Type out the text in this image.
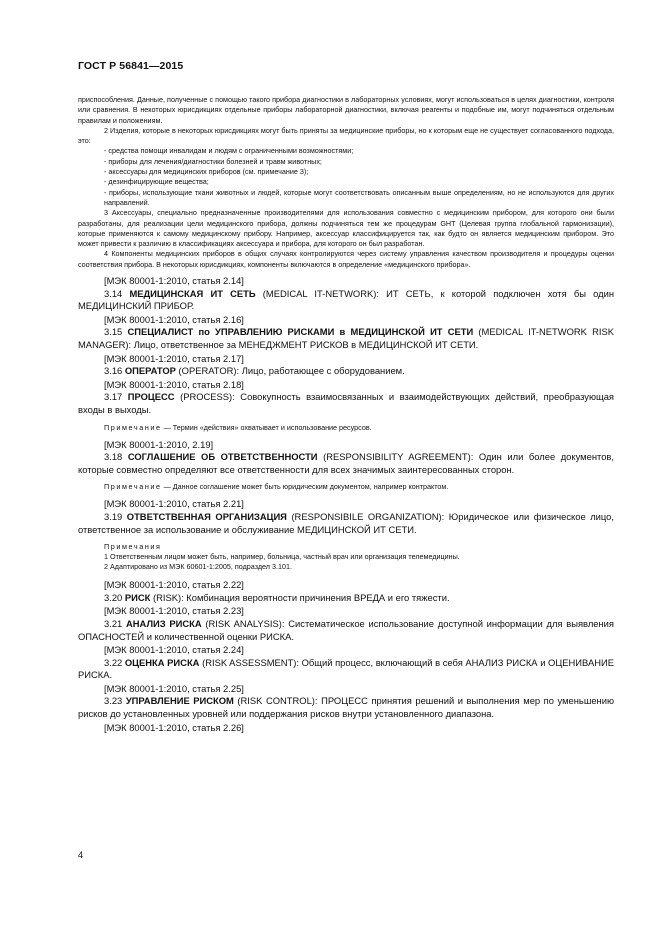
ГОСТ Р 56841—2015

приспособления. Данные, полученные с помощью такого прибора диагностики в лабораторных условиях, могут использоваться в целях диагностики, контроля или сравнения. В некоторых юрисдикциях отдельные приборы лабораторной диагностики, включая реагенты и подобные им, могут подчиняться отдельным правилам и положениям.

2 Изделия, которые в некоторых юрисдикциях могут быть приняты за медицинские приборы, но к которым еще не существует согласованного подхода, это:

- средства помощи инвалидам и людям с ограниченными возможностями;

- приборы для лечения/диагностики болезней и травм животных;

- аксессуары для медицинских приборов (см. примечание 3);

- дезинфицирующие вещества;

- приборы, использующие ткани животных и людей, которые могут соответствовать описанным выше определениям, но не используются для других направлений.

3 Аксессуары, специально предназначенные производителями для использования совместно с медицинским прибором, для которого они были разработаны, для реализации цели медицинского прибора, должны подчиняться тем же процедурам GHT (Целевая группа глобальной гармонизации), которые применяются к самому медицинскому прибору. Например, аксессуар классифицируется так, как будто он является медицинским прибором. Это может привести к различию в классификациях аксессуара и прибора, для которого он был разработан.

4 Компоненты медицинских приборов в общих случаях контролируются через систему управления качеством производителя и процедуры оценки соответствия прибора. В некоторых юрисдикциях, компоненты включаются в определение «медицинского прибора».

[МЭК 80001-1:2010, статья 2.14]

3.14 МЕДИЦИНСКАЯ ИТ СЕТЬ (MEDICAL IT-NETWORK): ИТ СЕТЬ, к которой подключен хотя бы один МЕДИЦИНСКИЙ ПРИБОР.

[МЭК 80001-1:2010, статья 2.16]

3.15 СПЕЦИАЛИСТ по УПРАВЛЕНИЮ РИСКАМИ в МЕДИЦИНСКОЙ ИТ СЕТИ (MEDICAL IT-NETWORK RISK MANAGER): Лицо, ответственное за МЕНЕДЖМЕНТ РИСКОВ в МЕДИЦИНСКОЙ ИТ СЕТИ.

[МЭК 80001-1:2010, статья 2.17]

3.16 ОПЕРАТОР (OPERATOR): Лицо, работающее с оборудованием.

[МЭК 80001-1:2010, статья 2.18]

3.17 ПРОЦЕСС (PROCESS): Совокупность взаимосвязанных и взаимодействующих действий, преобразующая входы в выходы.

Примечание — Термин «действия» охватывает и использование ресурсов.

[МЭК 80001-1:2010, 2.19]

3.18 СОГЛАШЕНИЕ ОБ ОТВЕТСТВЕННОСТИ (RESPONSIBILITY AGREEMENT): Один или более документов, которые совместно определяют все ответственности для всех значимых заинтересованных сторон.

Примечание — Данное соглашение может быть юридическим документом, например контрактом.

[МЭК 80001-1:2010, статья 2.21]

3.19 ОТВЕТСТВЕННАЯ ОРГАНИЗАЦИЯ (RESPONSIBILE ORGANIZATION): Юридическое или физическое лицо, ответственное за использование и обслуживание МЕДИЦИНСКОЙ ИТ СЕТИ.

Примечания

1 Ответственным лицом может быть, например, больница, частный врач или организация телемедицины.

2 Адаптировано из МЭК 60601-1:2005, подраздел 3.101.

[МЭК 80001-1:2010, статья 2.22]

3.20 РИСК (RISK): Комбинация вероятности причинения ВРЕДА и его тяжести.

[МЭК 80001-1:2010, статья 2.23]

3.21 АНАЛИЗ РИСКА (RISK ANALYSIS): Систематическое использование доступной информации для выявления ОПАСНОСТЕЙ и количественной оценки РИСКА.

[МЭК 80001-1:2010, статья 2.24]

3.22 ОЦЕНКА РИСКА (RISK ASSESSMENT): Общий процесс, включающий в себя АНАЛИЗ РИСКА и ОЦЕНИВАНИЕ РИСКА.

[МЭК 80001-1:2010, статья 2.25]

3.23 УПРАВЛЕНИЕ РИСКОМ (RISK CONTROL): ПРОЦЕСС принятия решений и выполнения мер по уменьшению рисков до установленных уровней или поддержания рисков внутри установленного диапазона.

[МЭК 80001-1:2010, статья 2.26]

4
